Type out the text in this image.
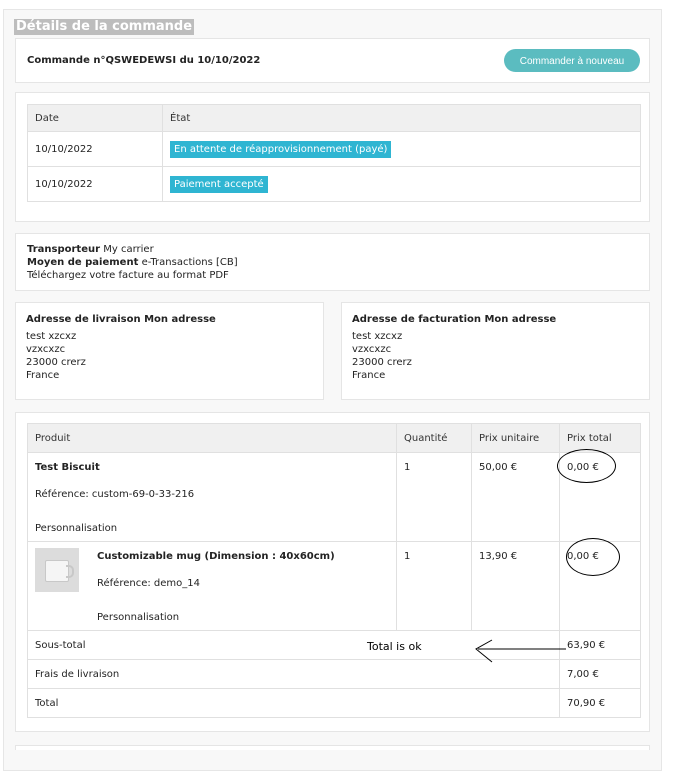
Détails de la commande
Commande n°QSWEDEWSI du 10/10/2022	Commander à nouveau
Date	État
10/10/2022	En attente de réapprovisionnement (payé)
10/10/2022	Paiement accepté
Transporteur My carrier
Moyen de paiement e-Transactions [CB]
Téléchargez votre facture au format PDF
Adresse de livraison Mon adresse
test xzcxz
vzxcxzc
23000 crerz
France
Adresse de facturation Mon adresse
test xzcxz
vzxcxzc
23000 crerz
France
Produit	Quantité	Prix unitaire	Prix total

Test Biscuit
Référence: custom-69-0-33-216
Personnalisation	1	50,00 €	0,00 €

Customizable mug (Dimension : 40x60cm)
Référence: demo_14
Personnalisation	1	13,90 €	0,00 €
Sous-total			63,90 €
Frais de livraison			7,00 €
Total			70,90 €
Total is ok
